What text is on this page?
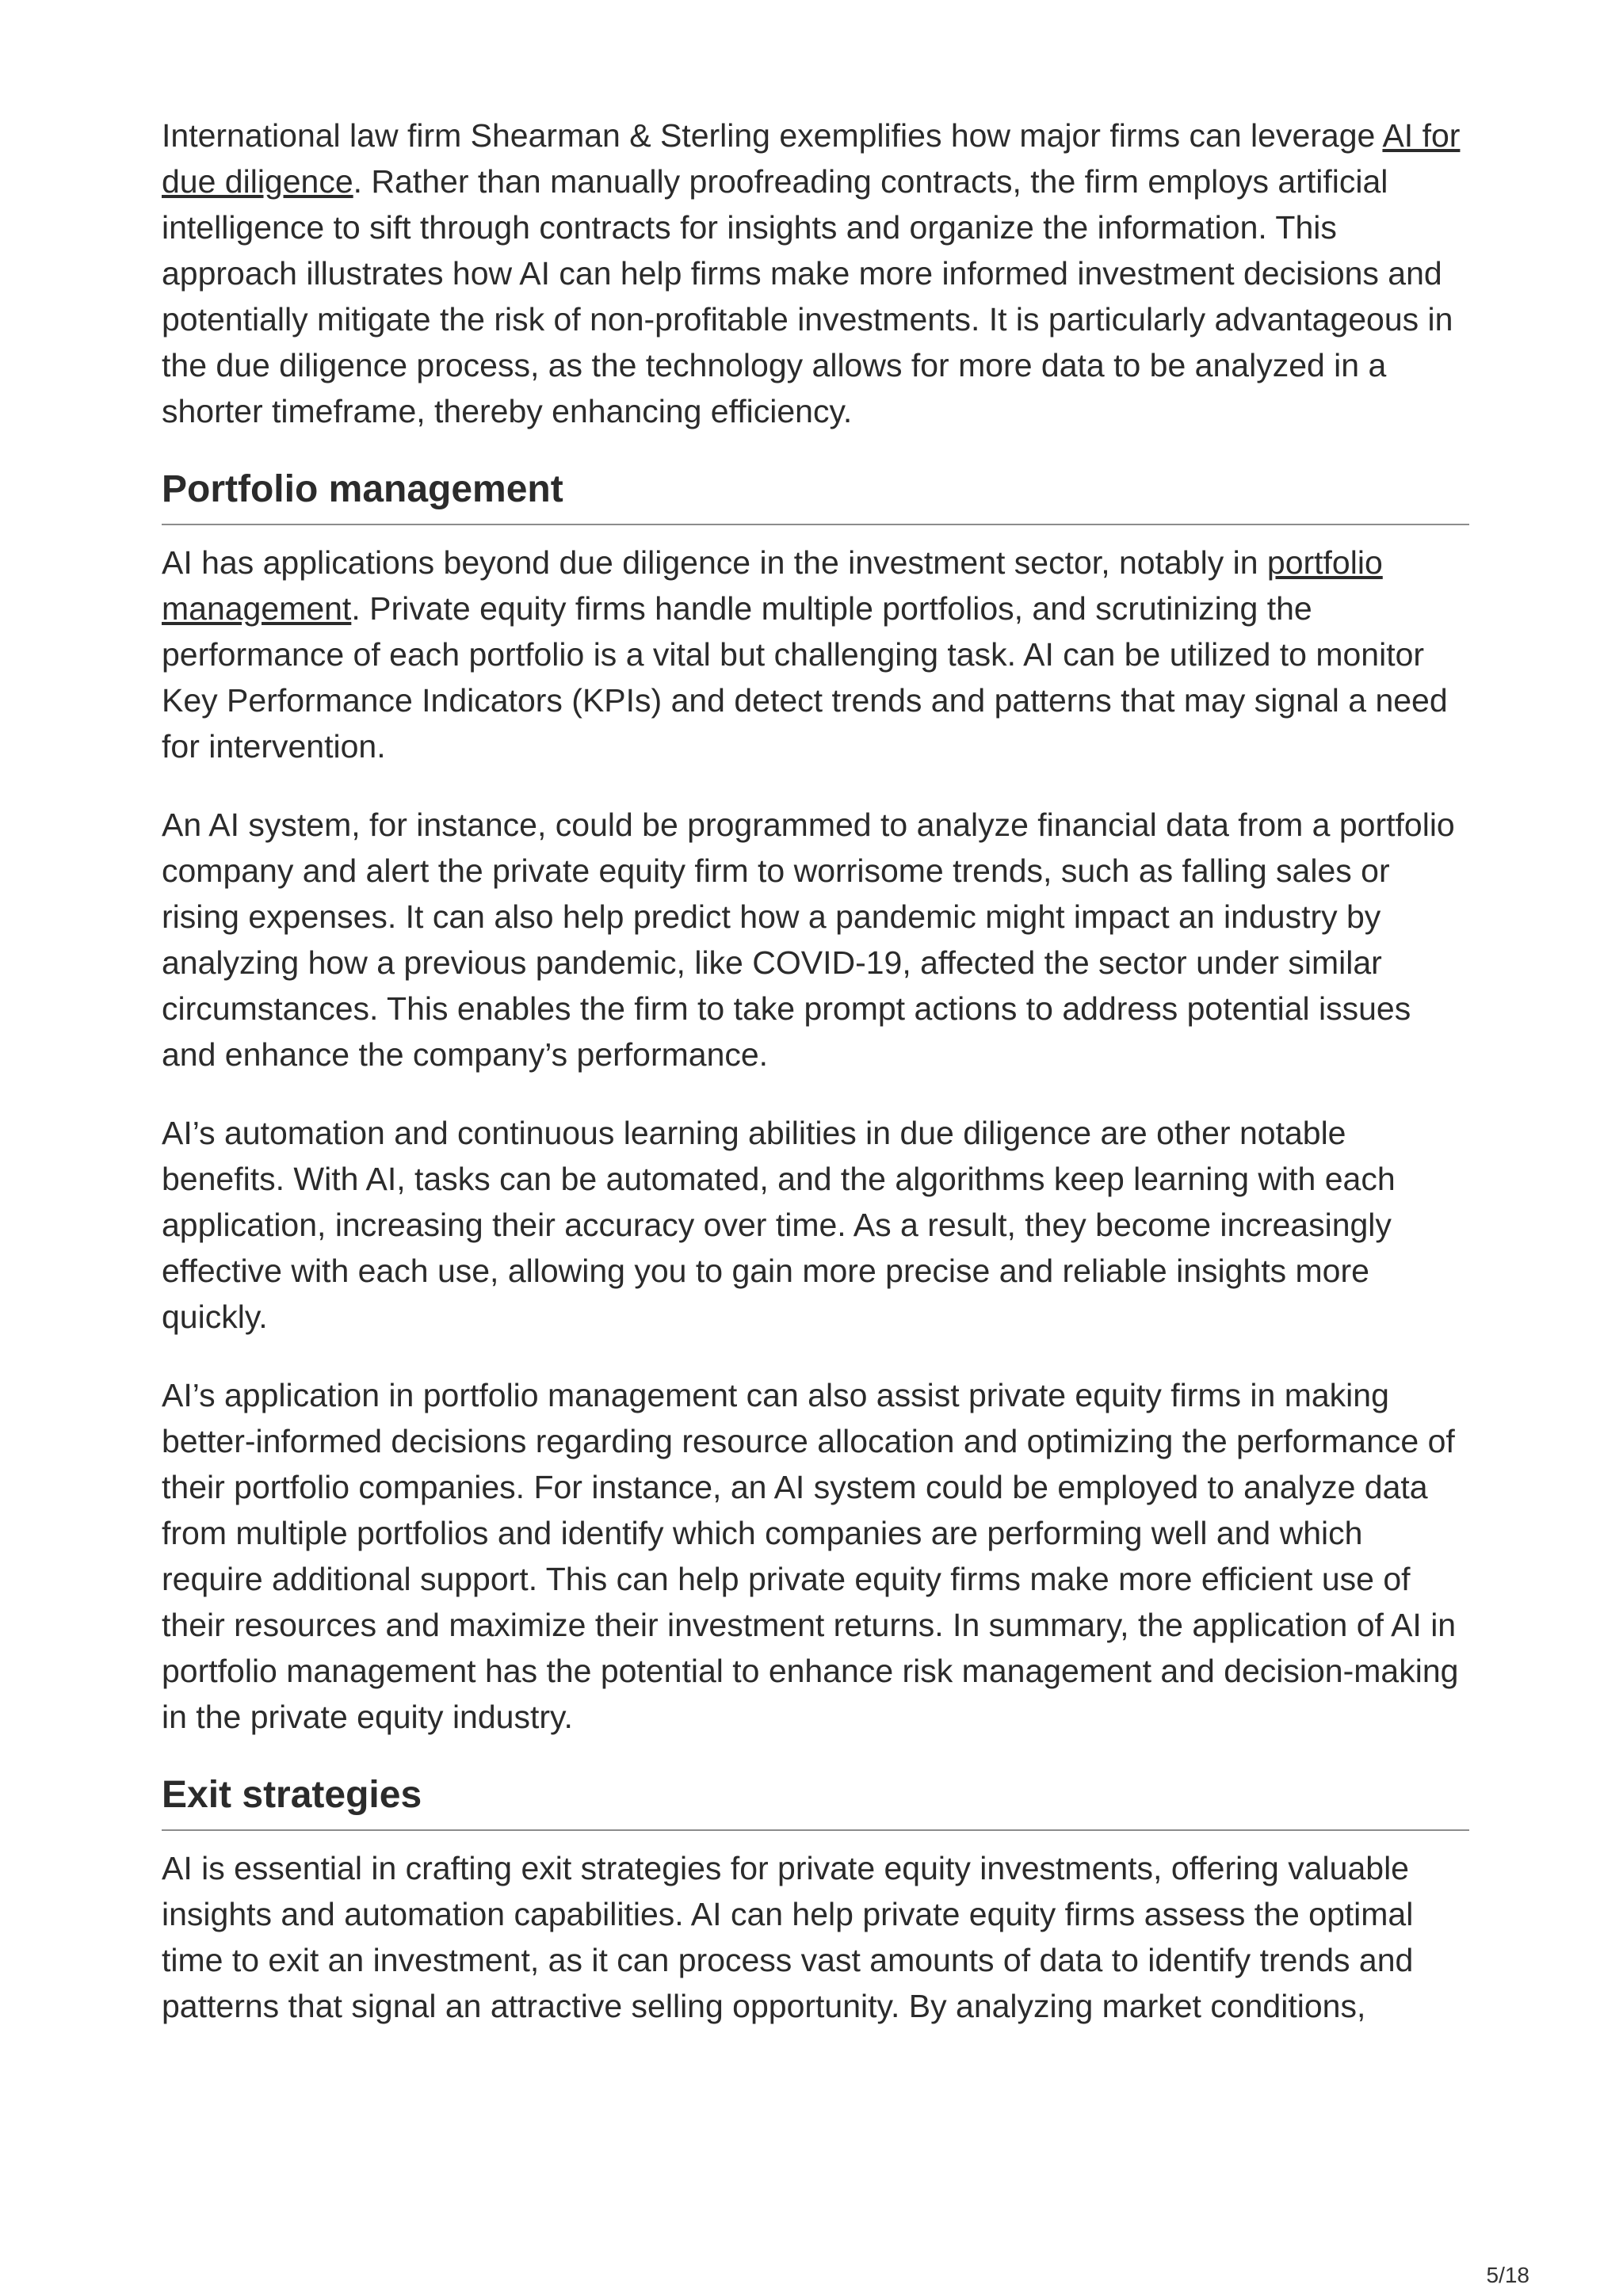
International law firm Shearman & Sterling exemplifies how major firms can leverage AI for due diligence. Rather than manually proofreading contracts, the firm employs artificial intelligence to sift through contracts for insights and organize the information. This approach illustrates how AI can help firms make more informed investment decisions and potentially mitigate the risk of non-profitable investments. It is particularly advantageous in the due diligence process, as the technology allows for more data to be analyzed in a shorter timeframe, thereby enhancing efficiency.

Portfolio management

AI has applications beyond due diligence in the investment sector, notably in portfolio management. Private equity firms handle multiple portfolios, and scrutinizing the performance of each portfolio is a vital but challenging task. AI can be utilized to monitor Key Performance Indicators (KPIs) and detect trends and patterns that may signal a need for intervention.

An AI system, for instance, could be programmed to analyze financial data from a portfolio company and alert the private equity firm to worrisome trends, such as falling sales or rising expenses. It can also help predict how a pandemic might impact an industry by analyzing how a previous pandemic, like COVID-19, affected the sector under similar circumstances. This enables the firm to take prompt actions to address potential issues and enhance the company’s performance.

AI’s automation and continuous learning abilities in due diligence are other notable benefits. With AI, tasks can be automated, and the algorithms keep learning with each application, increasing their accuracy over time. As a result, they become increasingly effective with each use, allowing you to gain more precise and reliable insights more quickly.

AI’s application in portfolio management can also assist private equity firms in making better-informed decisions regarding resource allocation and optimizing the performance of their portfolio companies. For instance, an AI system could be employed to analyze data from multiple portfolios and identify which companies are performing well and which require additional support. This can help private equity firms make more efficient use of their resources and maximize their investment returns. In summary, the application of AI in portfolio management has the potential to enhance risk management and decision-making in the private equity industry.

Exit strategies

AI is essential in crafting exit strategies for private equity investments, offering valuable insights and automation capabilities. AI can help private equity firms assess the optimal time to exit an investment, as it can process vast amounts of data to identify trends and patterns that signal an attractive selling opportunity. By analyzing market conditions,

5/18
